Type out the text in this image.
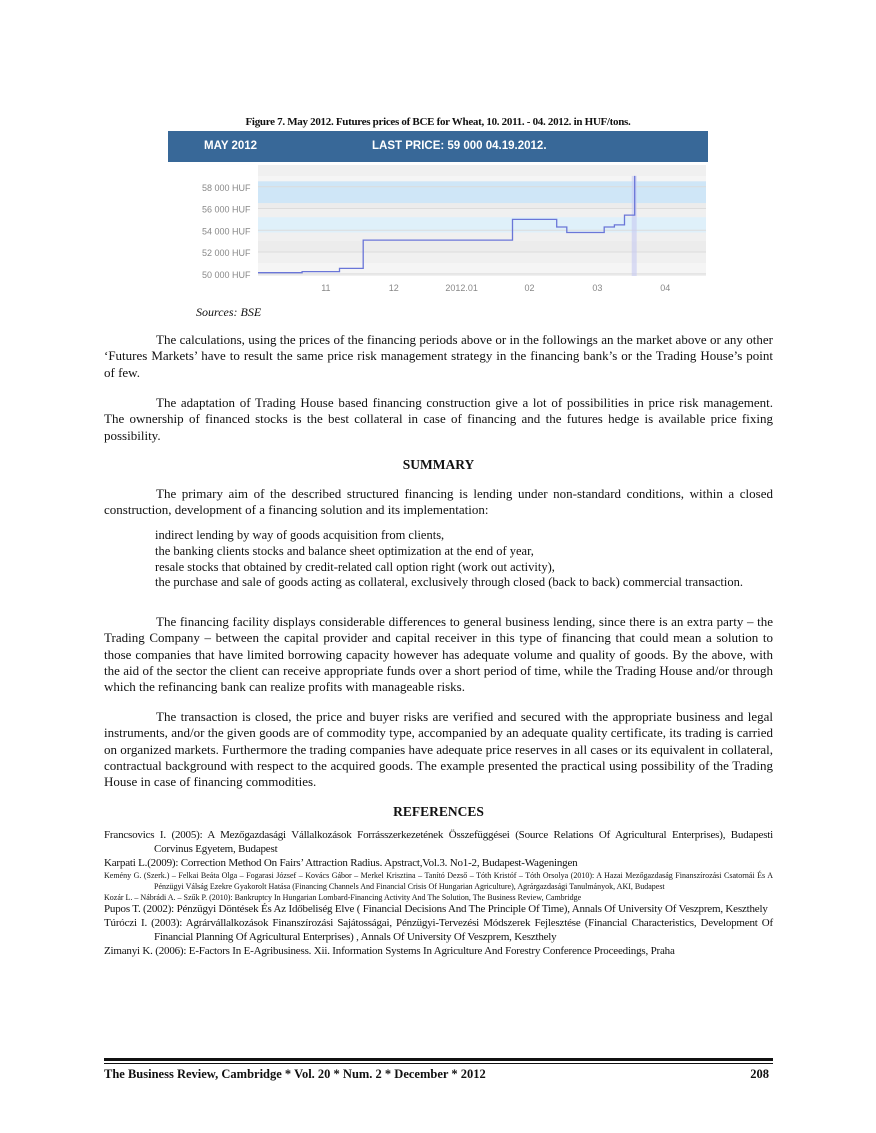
Figure 7. May 2012. Futures prices of BCE for Wheat, 10. 2011. - 04. 2012. in HUF/tons.
MAY 2012	LAST PRICE: 59 000 04.19.2012.
58 000 HUF
56 000 HUF
54 000 HUF
52 000 HUF
50 000 HUF
11	12	2012.01	02	03	04
Sources: BSE
The calculations, using the prices of the financing periods above or in the followings an the market above or any other ‘Futures Markets’ have to result the same price risk management strategy in the financing bank’s or the Trading House’s point of few.
The adaptation of Trading House based financing construction give a lot of possibilities in price risk management. The ownership of financed stocks is the best collateral in case of financing and the futures hedge is available price fixing possibility.
SUMMARY
The primary aim of the described structured financing is lending under non-standard conditions, within a closed construction, development of a financing solution and its implementation:
indirect lending by way of goods acquisition from clients,
the banking clients stocks and balance sheet optimization at the end of year,
resale stocks that obtained by credit-related call option right (work out activity),
the purchase and sale of goods acting as collateral, exclusively through closed (back to back) commercial transaction.
The financing facility displays considerable differences to general business lending, since there is an extra party – the Trading Company – between the capital provider and capital receiver in this type of financing that could mean a solution to those companies that have limited borrowing capacity however has adequate volume and quality of goods. By the above, with the aid of the sector the client can receive appropriate funds over a short period of time, while the Trading House and/or through which the refinancing bank can realize profits with manageable risks.
The transaction is closed, the price and buyer risks are verified and secured with the appropriate business and legal instruments, and/or the given goods are of commodity type, accompanied by an adequate quality certificate, its trading is carried on organized markets. Furthermore the trading companies have adequate price reserves in all cases or its equivalent in collateral, contractual background with respect to the acquired goods. The example presented the practical using possibility of the Trading House in case of financing commodities.
REFERENCES
Francsovics I. (2005): A Mezőgazdasági Vállalkozások Forrásszerkezetének Összefüggései (Source Relations Of Agricultural Enterprises), Budapesti Corvinus Egyetem, Budapest
Karpati L.(2009): Correction Method On Fairs’ Attraction Radius. Apstract,Vol.3. No1-2, Budapest-Wageningen
Kemény G. (Szerk.) – Felkai Beáta Olga – Fogarasi József – Kovács Gábor – Merkel Krisztina – Tanító Dezső – Tóth Kristóf – Tóth Orsolya (2010): A Hazai Mezőgazdaság Finanszírozási Csatornái És A Pénzügyi Válság Ezekre Gyakorolt Hatása (Financing Channels And Financial Crisis Of Hungarian Agriculture), Agrárgazdasági Tanulmányok, AKI, Budapest
Kozár L. – Nábrádi A. – Szűk P. (2010): Bankruptcy In Hungarian Lombard-Financing Activity And The Solution, The Business Review, Cambridge
Pupos T. (2002): Pénzügyi Döntések És Az Időbeliség Elve ( Financial Decisions And The Principle Of Time), Annals Of University Of Veszprem, Keszthely
Túróczi I. (2003): Agrárvállalkozások Finanszírozási Sajátosságai, Pénzügyi-Tervezési Módszerek Fejlesztése (Financial Characteristics, Development Of Financial Planning Of Agricultural Enterprises) , Annals Of University Of Veszprem, Keszthely
Zimanyi K. (2006): E-Factors In E-Agribusiness. Xii. Information Systems In Agriculture And Forestry Conference Proceedings, Praha
The Business Review, Cambridge * Vol. 20 * Num. 2 * December * 2012	208
